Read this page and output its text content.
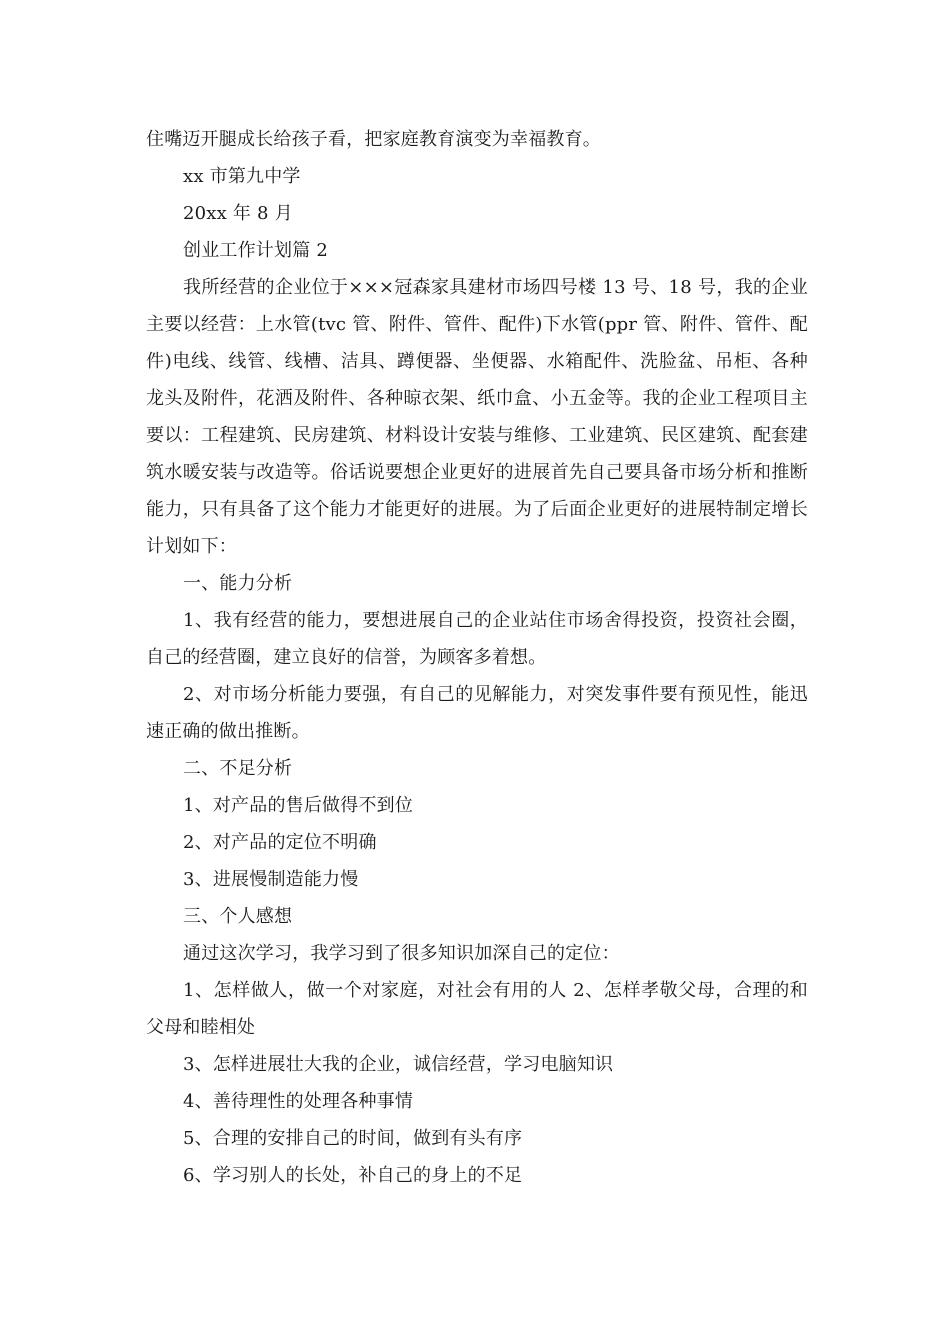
住嘴迈开腿成长给孩子看，把家庭教育演变为幸福教育。

xx 市第九中学

20xx 年 8 月

创业工作计划篇 2

我所经营的企业位于×××冠森家具建材市场四号楼 13 号、18 号，我的企业主要以经营：上水管(tvc 管、附件、管件、配件)下水管(ppr 管、附件、管件、配件)电线、线管、线槽、洁具、蹲便器、坐便器、水箱配件、洗脸盆、吊柜、各种龙头及附件，花洒及附件、各种晾衣架、纸巾盒、小五金等。我的企业工程项目主要以：工程建筑、民房建筑、材料设计安装与维修、工业建筑、民区建筑、配套建筑水暖安装与改造等。俗话说要想企业更好的进展首先自己要具备市场分析和推断能力，只有具备了这个能力才能更好的进展。为了后面企业更好的进展特制定增长计划如下：

一、能力分析

1、我有经营的能力，要想进展自己的企业站住市场舍得投资，投资社会圈，自己的经营圈，建立良好的信誉，为顾客多着想。

2、对市场分析能力要强，有自己的见解能力，对突发事件要有预见性，能迅速正确的做出推断。

二、不足分析

1、对产品的售后做得不到位

2、对产品的定位不明确

3、进展慢制造能力慢

三、个人感想

通过这次学习，我学习到了很多知识加深自己的定位：

1、怎样做人，做一个对家庭，对社会有用的人 2、怎样孝敬父母，合理的和父母和睦相处

3、怎样进展壮大我的企业，诚信经营，学习电脑知识

4、善待理性的处理各种事情

5、合理的安排自己的时间，做到有头有序

6、学习别人的长处，补自己的身上的不足
